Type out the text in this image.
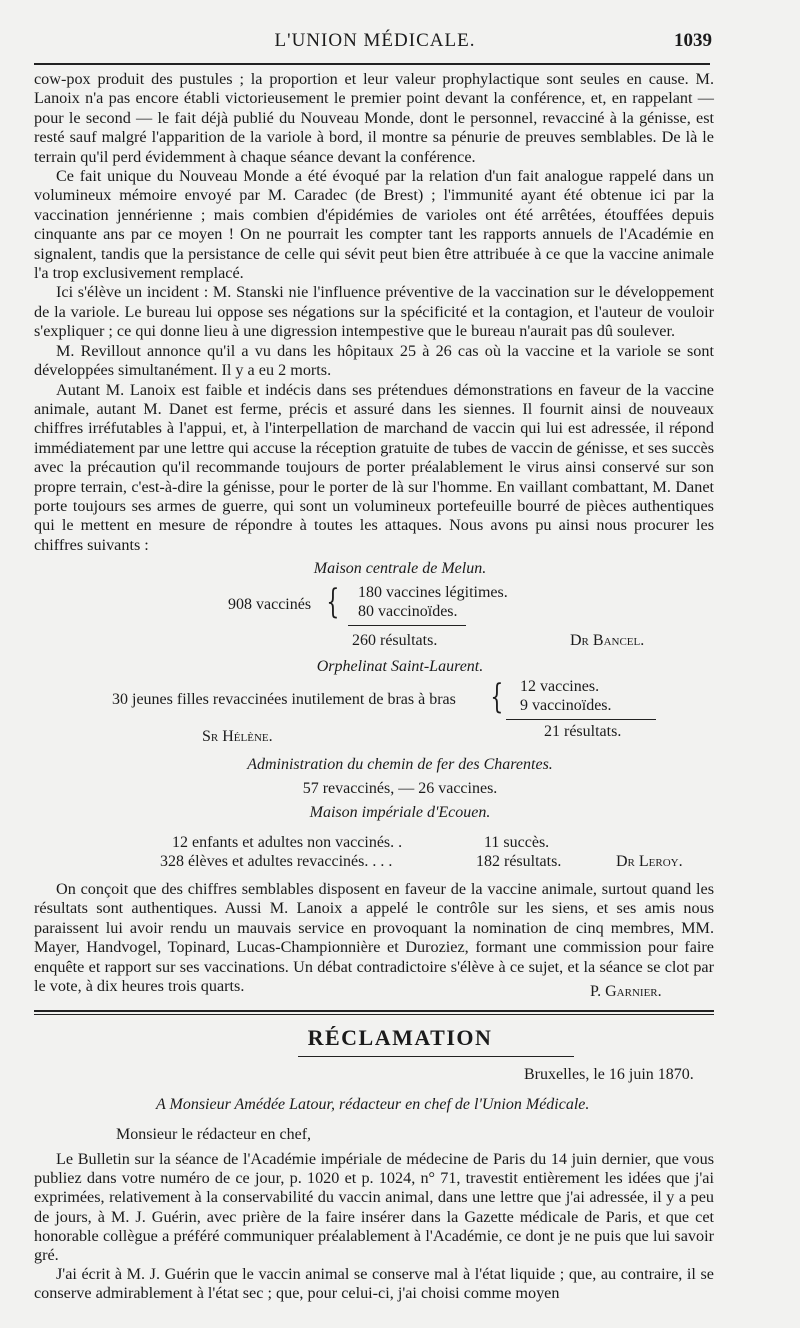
L'UNION MÉDICALE.	1039

cow-pox produit des pustules ; la proportion et leur valeur prophylactique sont seules en cause. M. Lanoix n'a pas encore établi victorieusement le premier point devant la conférence, et, en rappelant — pour le second — le fait déjà publié du Nouveau Monde, dont le personnel, revacciné à la génisse, est resté sauf malgré l'apparition de la variole à bord, il montre sa pénurie de preuves semblables. De là le terrain qu'il perd évidemment à chaque séance devant la conférence.

Ce fait unique du Nouveau Monde a été évoqué par la relation d'un fait analogue rappelé dans un volumineux mémoire envoyé par M. Caradec (de Brest) ; l'immunité ayant été obtenue ici par la vaccination jennérienne ; mais combien d'épidémies de varioles ont été arrêtées, étouffées depuis cinquante ans par ce moyen ! On ne pourrait les compter tant les rapports annuels de l'Académie en signalent, tandis que la persistance de celle qui sévit peut bien être attribuée à ce que la vaccine animale l'a trop exclusivement remplacé.

Ici s'élève un incident : M. Stanski nie l'influence préventive de la vaccination sur le développement de la variole. Le bureau lui oppose ses négations sur la spécificité et la contagion, et l'auteur de vouloir s'expliquer ; ce qui donne lieu à une digression intempestive que le bureau n'aurait pas dû soulever.

M. Revillout annonce qu'il a vu dans les hôpitaux 25 à 26 cas où la vaccine et la variole se sont développées simultanément. Il y a eu 2 morts.

Autant M. Lanoix est faible et indécis dans ses prétendues démonstrations en faveur de la vaccine animale, autant M. Danet est ferme, précis et assuré dans les siennes. Il fournit ainsi de nouveaux chiffres irréfutables à l'appui, et, à l'interpellation de marchand de vaccin qui lui est adressée, il répond immédiatement par une lettre qui accuse la réception gratuite de tubes de vaccin de génisse, et ses succès avec la précaution qu'il recommande toujours de porter préalablement le virus ainsi conservé sur son propre terrain, c'est-à-dire la génisse, pour le porter de là sur l'homme. En vaillant combattant, M. Danet porte toujours ses armes de guerre, qui sont un volumineux portefeuille bourré de pièces authentiques qui le mettent en mesure de répondre à toutes les attaques. Nous avons pu ainsi nous procurer les chiffres suivants :

Maison centrale de Melun.
908 vaccinés { 180 vaccines légitimes.
80 vaccinoïdes.
260 résultats.	Dr Bancel.
Orphelinat Saint-Laurent.
30 jeunes filles revaccinées inutilement de bras à bras { 12 vaccines.
9 vaccinoïdes.
21 résultats.
Sr Hélène.
Administration du chemin de fer des Charentes.
57 revaccinés, — 26 vaccines.
Maison impériale d'Ecouen.
12 enfants et adultes non vaccinés. .	11 succès.
328 élèves et adultes revaccinés. . . .	182 résultats.	Dr Leroy.

On conçoit que des chiffres semblables disposent en faveur de la vaccine animale, surtout quand les résultats sont authentiques. Aussi M. Lanoix a appelé le contrôle sur les siens, et ses amis nous paraissent lui avoir rendu un mauvais service en provoquant la nomination de cinq membres, MM. Mayer, Handvogel, Topinard, Lucas-Championnière et Duroziez, formant une commission pour faire enquête et rapport sur ses vaccinations. Un débat contradictoire s'élève à ce sujet, et la séance se clot par le vote, à dix heures trois quarts.	P. Garnier.
RÉCLAMATION
Bruxelles, le 16 juin 1870.
A Monsieur Amédée Latour, rédacteur en chef de l'Union Médicale.
Monsieur le rédacteur en chef,

Le Bulletin sur la séance de l'Académie impériale de médecine de Paris du 14 juin dernier, que vous publiez dans votre numéro de ce jour, p. 1020 et p. 1024, n° 71, travestit entièrement les idées que j'ai exprimées, relativement à la conservabilité du vaccin animal, dans une lettre que j'ai adressée, il y a peu de jours, à M. J. Guérin, avec prière de la faire insérer dans la Gazette médicale de Paris, et que cet honorable collègue a préféré communiquer préalablement à l'Académie, ce dont je ne puis que lui savoir gré.

J'ai écrit à M. J. Guérin que le vaccin animal se conserve mal à l'état liquide ; que, au contraire, il se conserve admirablement à l'état sec ; que, pour celui-ci, j'ai choisi comme moyen
